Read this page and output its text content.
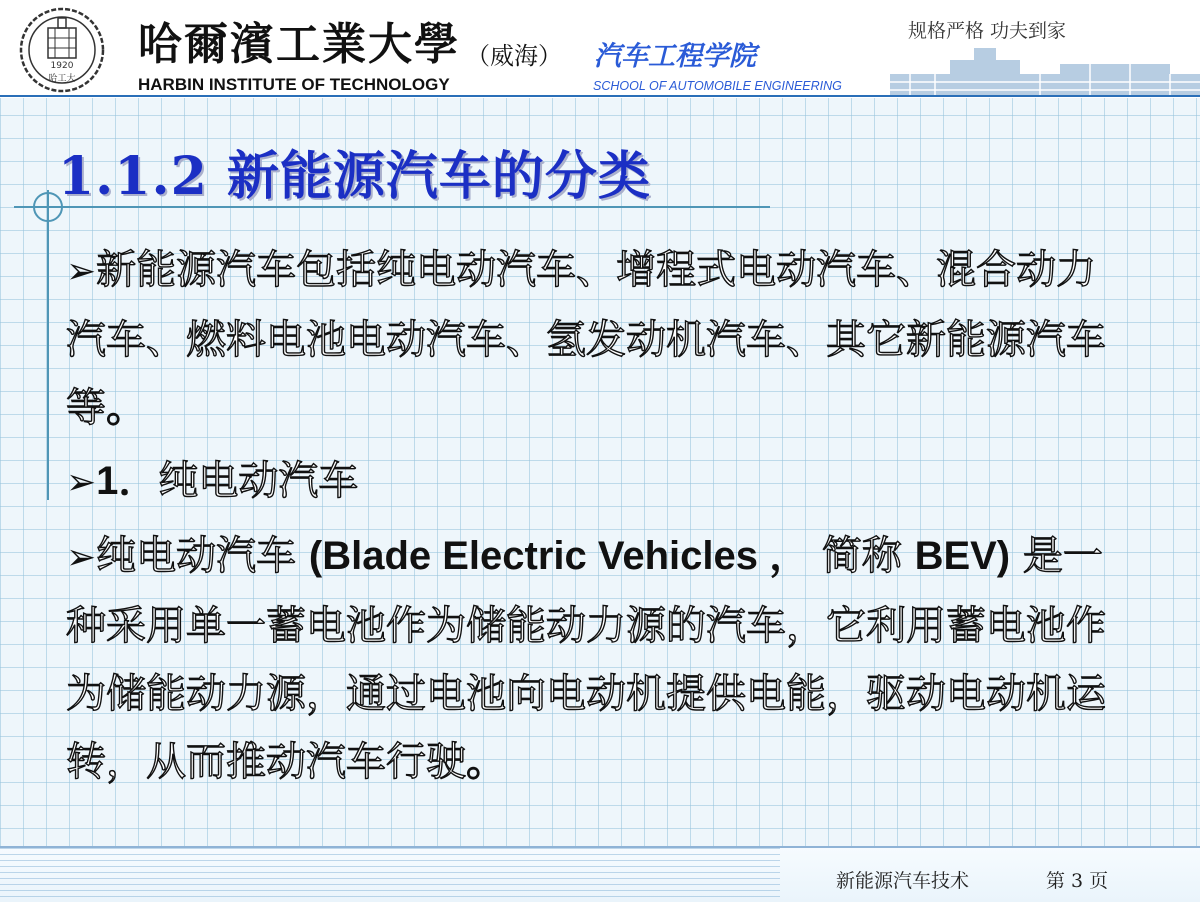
1920
哈工大
哈爾濱工業大學 （威海） 汽车工程学院
HARBIN INSTITUTE OF TECHNOLOGY	SCHOOL OF AUTOMOBILE ENGINEERING
规格严格 功夫到家
1.1.2 新能源汽车的分类

➢新能源汽车包括纯电动汽车、增程式电动汽车、混合动力汽车、燃料电池电动汽车、氢发动机汽车、其它新能源汽车等。

➢1．纯电动汽车

➢纯电动汽车 (Blade Electric Vehicles ， 简称 BEV) 是一种采用单一蓄电池作为储能动力源的汽车，它利用蓄电池作为储能动力源，通过电池向电动机提供电能，驱动电动机运转，从而推动汽车行驶。

新能源汽车技术	第 3 页
